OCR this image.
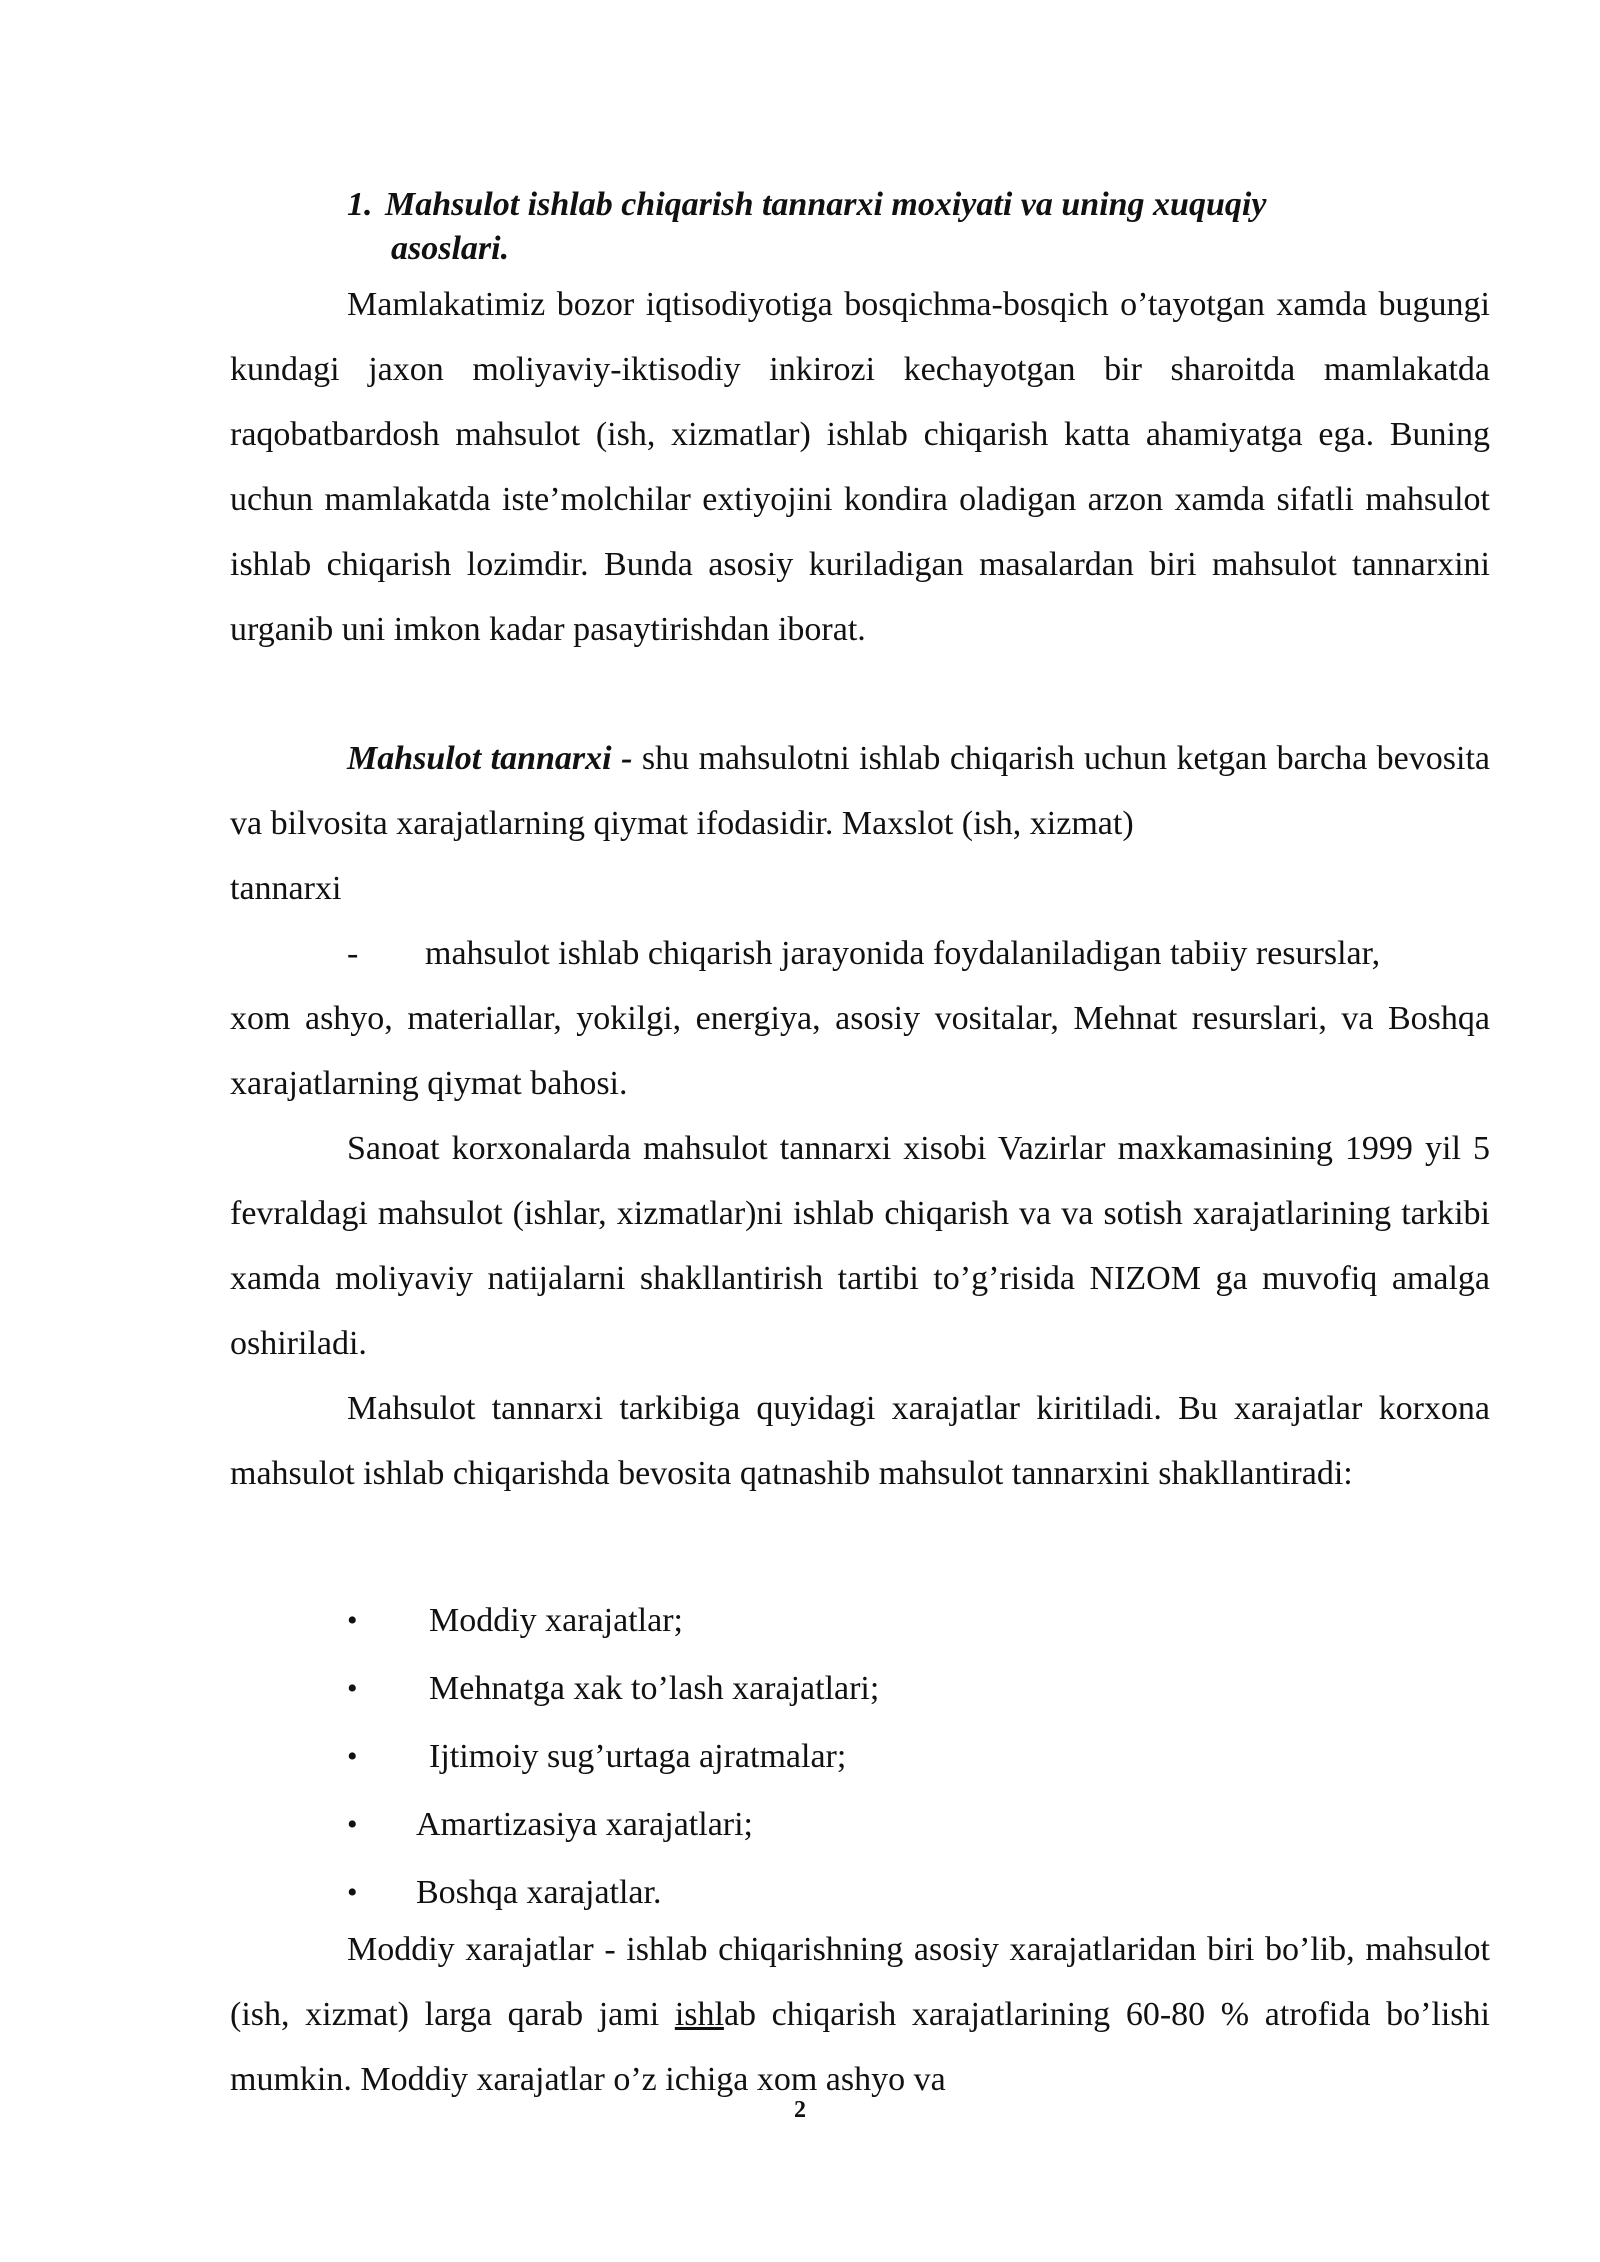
1. Mahsulot ishlab chiqarish tannarxi moxiyati va uning xuquqiy
asoslari.

Mamlakatimiz bozor iqtisodiyotiga bosqichma-bosqich o’tayotgan xamda bugungi kundagi jaxon moliyaviy-iktisodiy inkirozi kechayotgan bir sharoitda mamlakatda raqobatbardosh mahsulot (ish, xizmatlar) ishlab chiqarish katta ahamiyatga ega. Buning uchun mamlakatda iste’molchilar extiyojini kondira oladigan arzon xamda sifatli mahsulot ishlab chiqarish lozimdir. Bunda asosiy kuriladigan masalardan biri mahsulot tannarxini urganib uni imkon kadar pasaytirishdan iborat.

Mahsulot tannarxi - shu mahsulotni ishlab chiqarish uchun ketgan barcha bevosita va bilvosita xarajatlarning qiymat ifodasidir. Maxslot (ish, xizmat)

tannarxi

-	mahsulot ishlab chiqarish jarayonida foydalaniladigan tabiiy resurslar,
xom ashyo, materiallar, yokilgi, energiya, asosiy vositalar, Mehnat resurslari, va Boshqa xarajatlarning qiymat bahosi.

Sanoat korxonalarda mahsulot tannarxi xisobi Vazirlar maxkamasining 1999 yil 5 fevraldagi mahsulot (ishlar, xizmatlar)ni ishlab chiqarish va va sotish xarajatlarining tarkibi xamda moliyaviy natijalarni shakllantirish tartibi to’g’risida NIZOM ga muvofiq amalga oshiriladi.

Mahsulot tannarxi tarkibiga quyidagi xarajatlar kiritiladi. Bu xarajatlar korxona mahsulot ishlab chiqarishda bevosita qatnashib mahsulot tannarxini shakllantiradi:

• Moddiy xarajatlar;
• Mehnatga xak to’lash xarajatlari;
• Ijtimoiy sug’urtaga ajratmalar;
• Amartizasiya xarajatlari;
• Boshqa xarajatlar.

Moddiy xarajatlar - ishlab chiqarishning asosiy xarajatlaridan biri bo’lib, mahsulot (ish, xizmat) larga qarab jami ishlab chiqarish xarajatlarining 60-80 % atrofida bo’lishi mumkin. Moddiy xarajatlar o’z ichiga xom ashyo va

2
